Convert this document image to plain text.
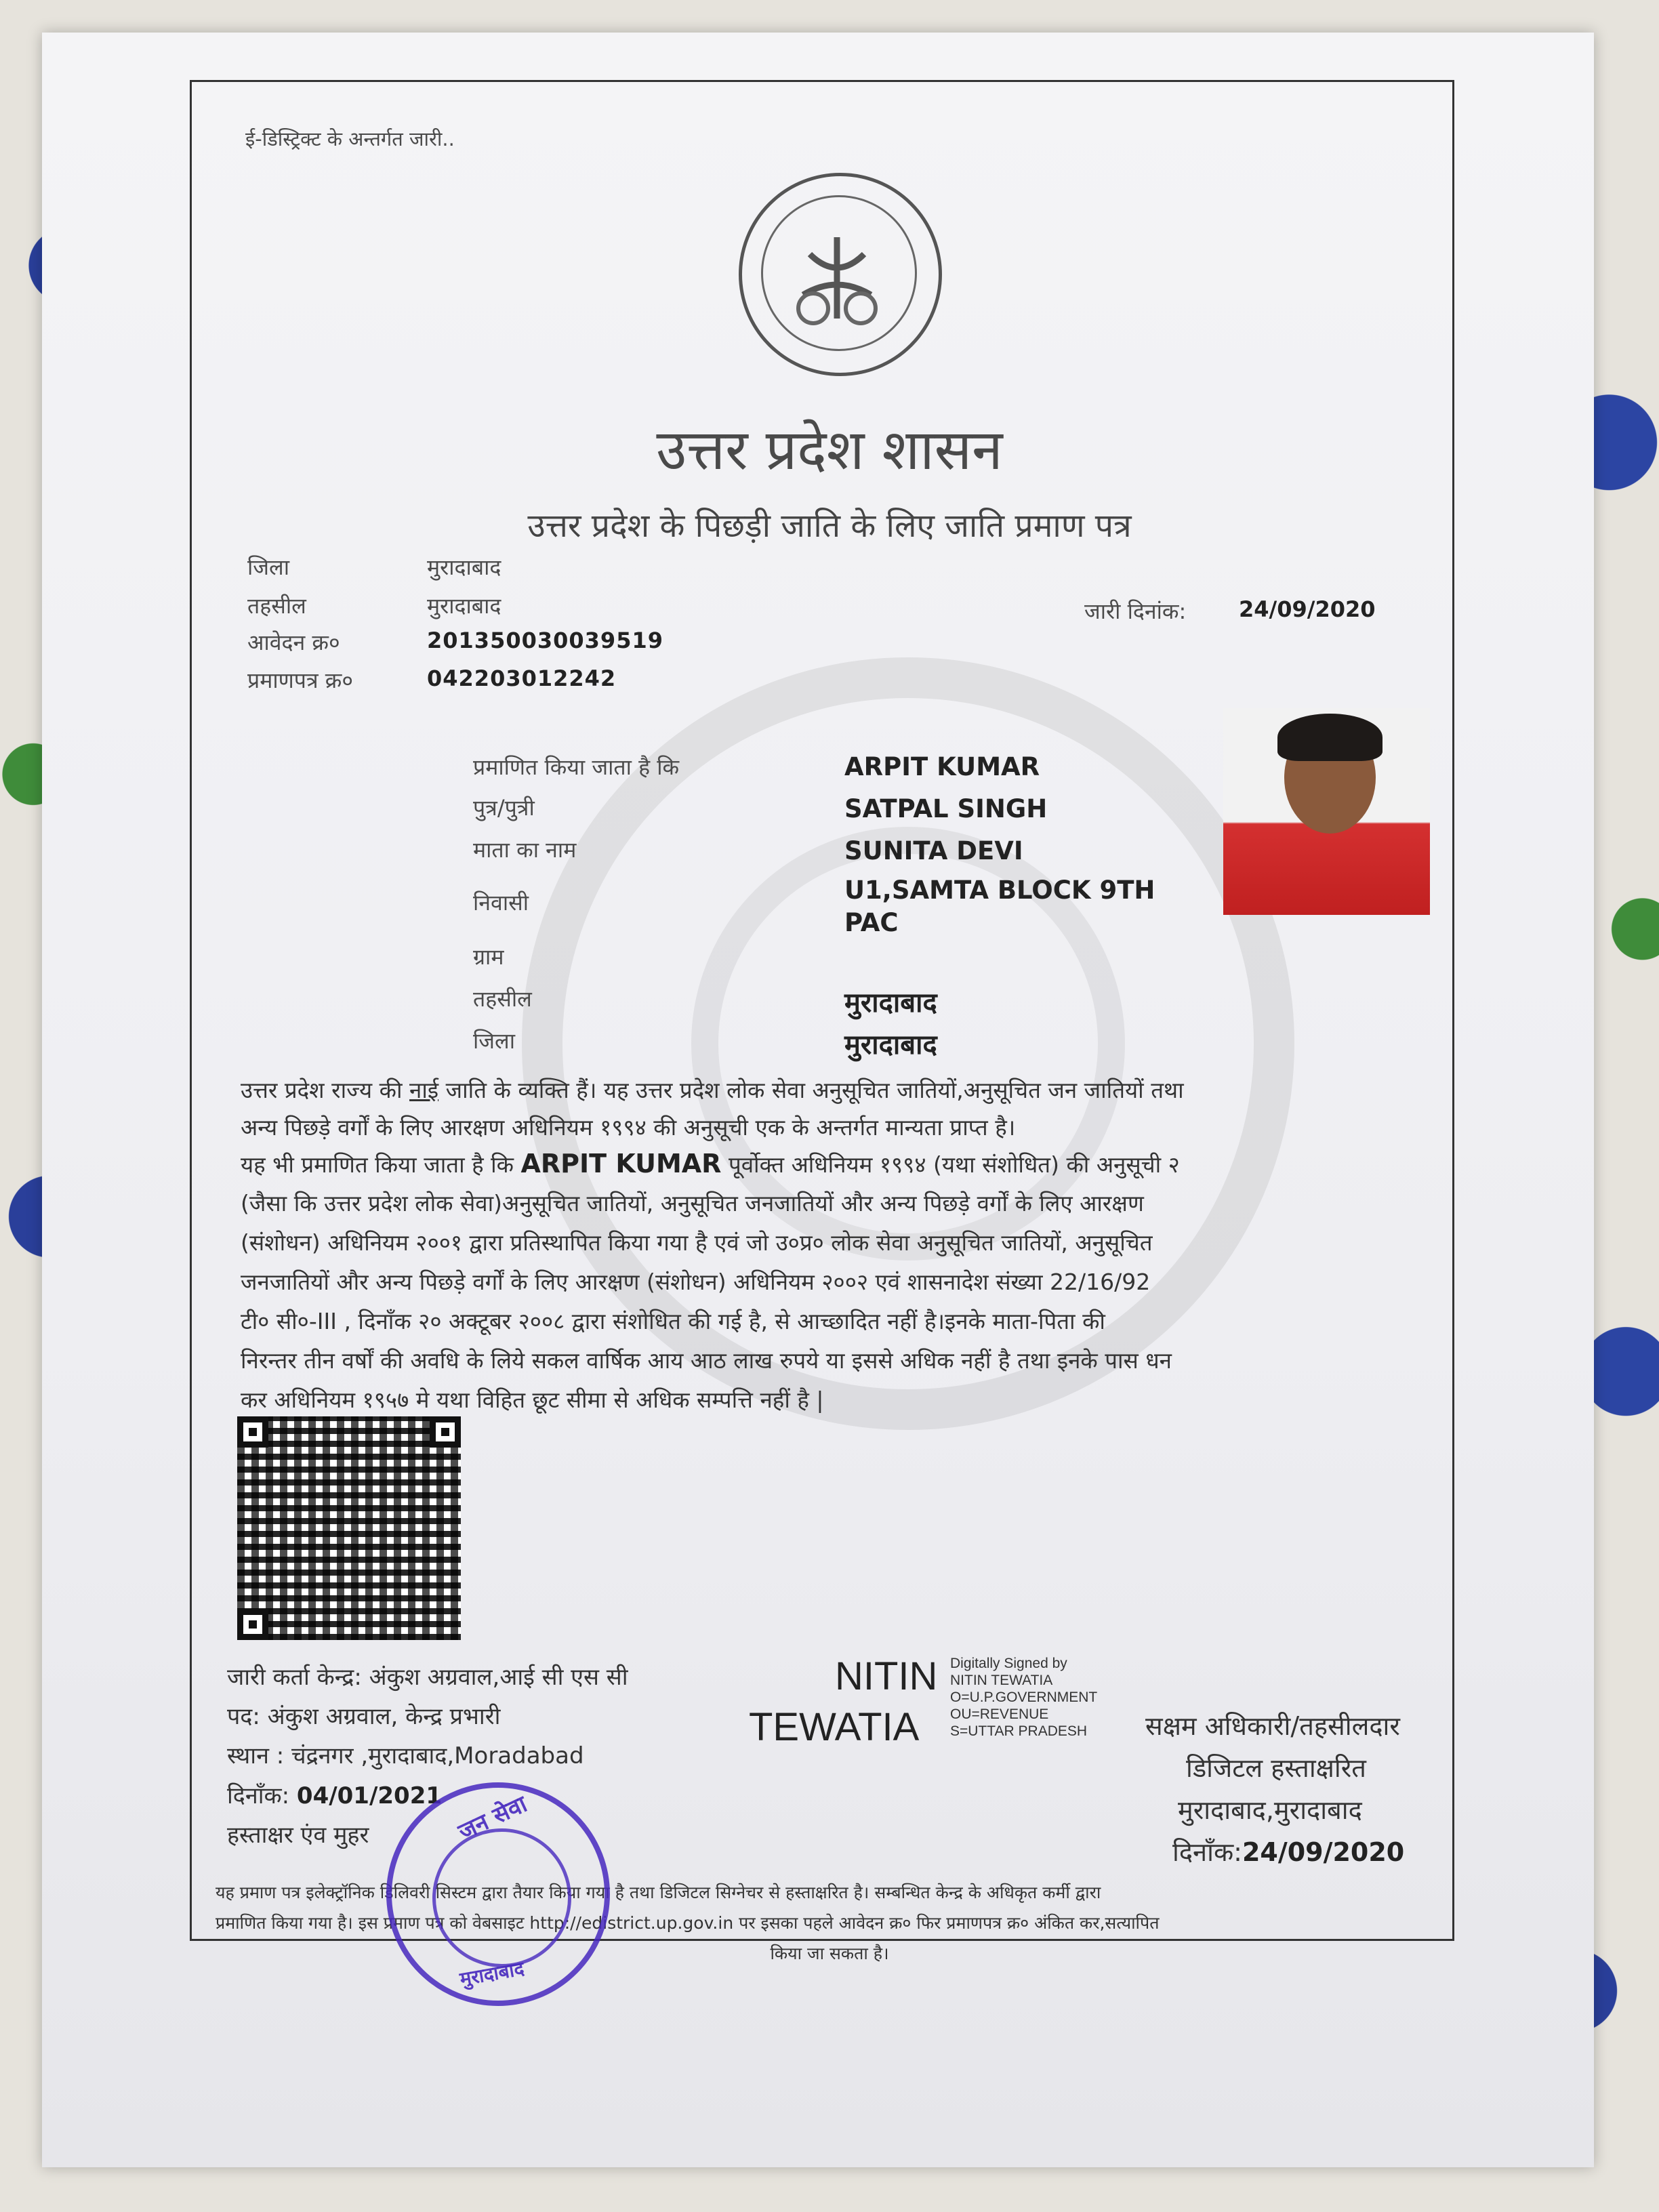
ई-डिस्ट्रिक्ट के अन्तर्गत जारी..
उत्तर प्रदेश शासन
उत्तर प्रदेश के पिछड़ी जाति के लिए जाति प्रमाण पत्र
जिला	मुरादाबाद
तहसील	मुरादाबाद
आवेदन क्र०	201350030039519
प्रमाणपत्र क्र०	042203012242
जारी दिनांक: 24/09/2020
प्रमाणित किया जाता है कि	ARPIT KUMAR
पुत्र/पुत्री	SATPAL SINGH
माता का नाम	SUNITA DEVI
निवासी	U1,SAMTA BLOCK 9TH
PAC
ग्राम
तहसील	मुरादाबाद
जिला	मुरादाबाद
उत्तर प्रदेश राज्य की नाई जाति के व्यक्ति हैं। यह उत्तर प्रदेश लोक सेवा अनुसूचित जातियों,अनुसूचित जन जातियों तथा
अन्य पिछड़े वर्गों के लिए आरक्षण अधिनियम १९९४ की अनुसूची एक के अन्तर्गत मान्यता प्राप्त है।
यह भी प्रमाणित किया जाता है कि ARPIT KUMAR पूर्वोक्त अधिनियम १९९४ (यथा संशोधित) की अनुसूची २
(जैसा कि उत्तर प्रदेश लोक सेवा)अनुसूचित जातियों, अनुसूचित जनजातियों और अन्य पिछड़े वर्गों के लिए आरक्षण
(संशोधन) अधिनियम २००१ द्वारा प्रतिस्थापित किया गया है एवं जो उ०प्र० लोक सेवा अनुसूचित जातियों, अनुसूचित
जनजातियों और अन्य पिछड़े वर्गों के लिए आरक्षण (संशोधन) अधिनियम २००२ एवं शासनादेश संख्या 22/16/92
टी० सी०-III , दिनाँक २० अक्टूबर २००८ द्वारा संशोधित की गई है, से आच्छादित नहीं है।इनके माता-पिता की
निरन्तर तीन वर्षों की अवधि के लिये सकल वार्षिक आय आठ लाख रुपये या इससे अधिक नहीं है तथा इनके पास धन
कर अधिनियम १९५७ मे यथा विहित छूट सीमा से अधिक सम्पत्ति नहीं है |
जारी कर्ता केन्द्र: अंकुश अग्रवाल,आई सी एस सी
पद: अंकुश अग्रवाल, केन्द्र प्रभारी
स्थान : चंद्रनगर ,मुरादाबाद,Moradabad
दिनाँक: 04/01/2021
हस्ताक्षर एंव मुहर
NITIN
TEWATIA
Digitally Signed by
NITIN TEWATIA
O=U.P.GOVERNMENT
OU=REVENUE
S=UTTAR PRADESH	सक्षम अधिकारी/तहसीलदार
डिजिटल हस्ताक्षरित
मुरादाबाद,मुरादाबाद
दिनाँक:24/09/2020
यह प्रमाण पत्र इलेक्ट्रॉनिक डिलिवरी सिस्टम द्वारा तैयार किया गया है तथा डिजिटल सिग्नेचर से हस्ताक्षरित है। सम्बन्धित केन्द्र के अधिकृत कर्मी द्वारा
प्रमाणित किया गया है। इस प्रमाण पत्र को वेबसाइट http://edistrict.up.gov.in पर इसका पहले आवेदन क्र० फिर प्रमाणपत्र क्र० अंकित कर,सत्यापित
किया जा सकता है।
जन सेवा
मुरादाबाद
